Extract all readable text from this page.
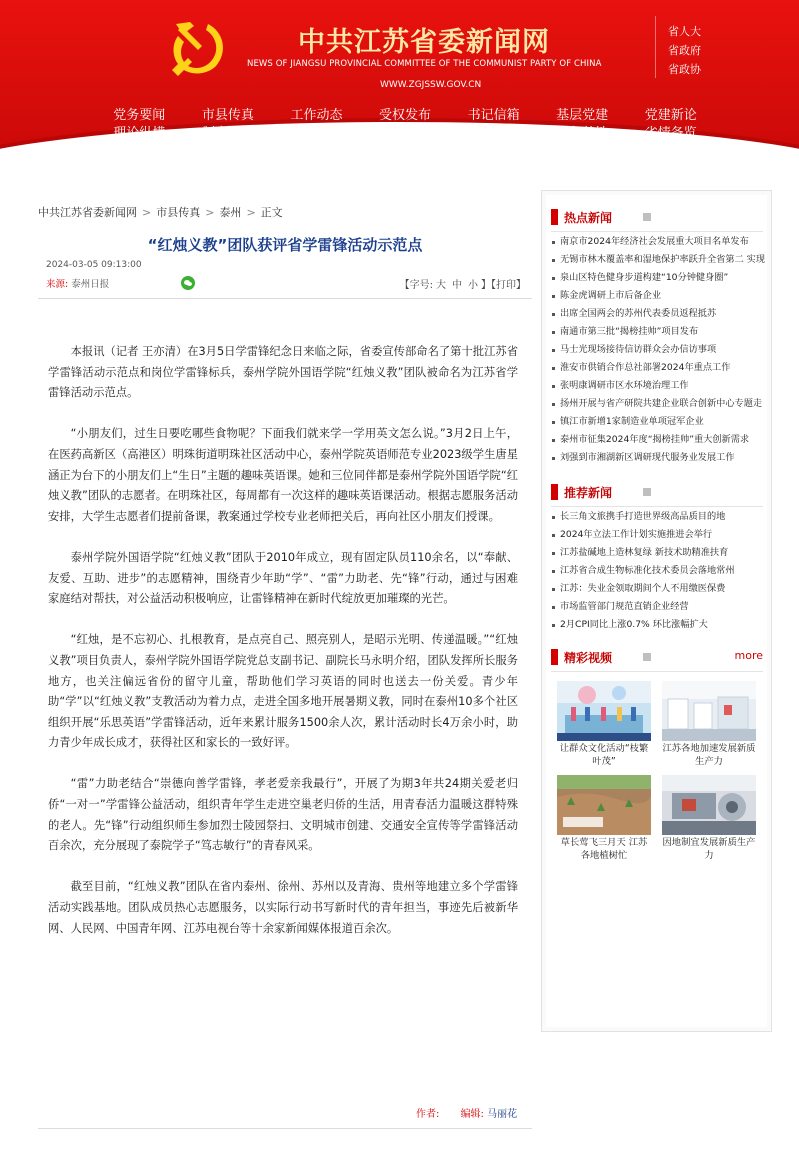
中共江苏省委新闻网
NEWS OF JIANGSU PROVINCIAL COMMITTEE OF THE COMMUNIST PARTY OF CHINA
WWW.ZGJSSW.GOV.CN
省人大
省政府
省政协
党务要闻	市县传真	工作动态	受权发布	书记信箱	基层党建	党建新论
理论纵横	制度汇编	时代先锋	党员心语	大讲堂	红色基地	省情备览
中共江苏省委新闻网 > 市县传真 > 泰州 > 正文
“红烛义教”团队获评省学雷锋活动示范点
2024-03-05 09:13:00
来源: 泰州日报	【字号: 大 中 小 】【打印】

本报讯（记者 王亦清）在3月5日学雷锋纪念日来临之际，省委宣传部命名了第十批江苏省学雷锋活动示范点和岗位学雷锋标兵，泰州学院外国语学院“红烛义教”团队被命名为江苏省学雷锋活动示范点。

“小朋友们，过生日要吃哪些食物呢？下面我们就来学一学用英文怎么说。”3月2日上午，在医药高新区（高港区）明珠街道明珠社区活动中心，泰州学院英语师范专业2023级学生唐星涵正为台下的小朋友们上“生日”主题的趣味英语课。她和三位同伴都是泰州学院外国语学院“红烛义教”团队的志愿者。在明珠社区，每周都有一次这样的趣味英语课活动。根据志愿服务活动安排，大学生志愿者们提前备课，教案通过学校专业老师把关后，再向社区小朋友们授课。

泰州学院外国语学院“红烛义教”团队于2010年成立，现有固定队员110余名，以“奉献、友爱、互助、进步”的志愿精神，围绕青少年助“学”、“雷”力助老、先“锋”行动，通过与困难家庭结对帮扶，对公益活动积极响应，让雷锋精神在新时代绽放更加璀璨的光芒。

“红烛，是不忘初心、扎根教育，是点亮自己、照亮别人，是昭示光明、传递温暖。”“红烛义教”项目负责人，泰州学院外国语学院党总支副书记、副院长马永明介绍，团队发挥所长服务地方，也关注偏远省份的留守儿童，帮助他们学习英语的同时也送去一份关爱。青少年助“学”以“红烛义教”支教活动为着力点，走进全国多地开展暑期义教，同时在泰州10多个社区组织开展“乐思英语”学雷锋活动，近年来累计服务1500余人次，累计活动时长4万余小时，助力青少年成长成才，获得社区和家长的一致好评。

“雷”力助老结合“崇德向善学雷锋，孝老爱亲我最行”，开展了为期3年共24期关爱老归侨“一对一”学雷锋公益活动，组织青年学生走进空巢老归侨的生活，用青春活力温暖这群特殊的老人。先“锋”行动组织师生参加烈士陵园祭扫、文明城市创建、交通安全宣传等学雷锋活动百余次，充分展现了泰院学子“笃志敏行”的青春风采。

截至目前，“红烛义教”团队在省内泰州、徐州、苏州以及青海、贵州等地建立多个学雷锋活动实践基地。团队成员热心志愿服务，以实际行动书写新时代的青年担当，事迹先后被新华网、人民网、中国青年网、江苏电视台等十余家新闻媒体报道百余次。

作者: 编辑: 马丽花
热点新闻
南京市2024年经济社会发展重大项目名单发布
无锡市林木覆盖率和湿地保护率跃升全省第二 实现
泉山区特色健身步道构建“10分钟健身圈”
陈金虎调研上市后备企业
出席全国两会的苏州代表委员返程抵苏
南通市第三批“揭榜挂帅”项目发布
马士光现场接待信访群众会办信访事项
淮安市供销合作总社部署2024年重点工作
张明康调研市区水环境治理工作
扬州开展与省产研院共建企业联合创新中心专题走
镇江市新增1家制造业单项冠军企业
泰州市征集2024年度“揭榜挂帅”重大创新需求
刘强到市湘湖新区调研现代服务业发展工作
推荐新闻
长三角文旅携手打造世界级高品质目的地
2024年立法工作计划实施推进会举行
江苏盐碱地上造林复绿 新技术助精准扶育
江苏省合成生物标准化技术委员会落地常州
江苏：失业金领取期间个人不用缴医保费
市场监管部门规范直销企业经营
2月CPI同比上涨0.7% 环比涨幅扩大
精彩视频	more
让群众文化活动“枝繁
叶茂”
江苏各地加速发展新质
生产力
草长莺飞三月天 江苏
各地植树忙
因地制宜发展新质生产
力
